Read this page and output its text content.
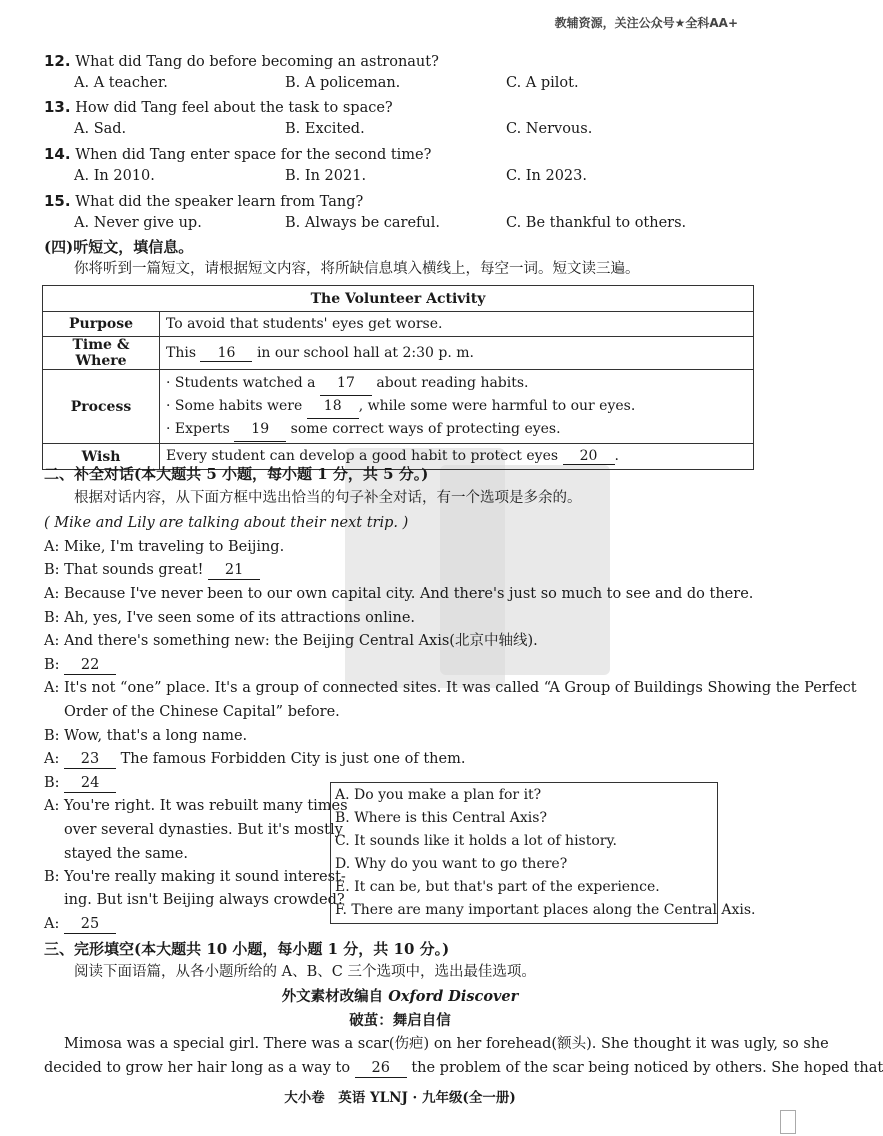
教辅资源，关注公众号★全科AA+
12. What did Tang do before becoming an astronaut?
A. A teacher.	B. A policeman.	C. A pilot.
13. How did Tang feel about the task to space?
A. Sad.	B. Excited.	C. Nervous.
14. When did Tang enter space for the second time?
A. In 2010.	B. In 2021.	C. In 2023.
15. What did the speaker learn from Tang?
A. Never give up.	B. Always be careful.	C. Be thankful to others.
(四)听短文，填信息。
你将听到一篇短文，请根据短文内容，将所缺信息填入横线上，每空一词。短文读三遍。
The Volunteer Activity	
Purpose	To avoid that students' eyes get worse.
Time & Where	This 16 in our school hall at 2:30 p. m.
Process	· Students watched a 17 about reading habits.
· Some habits were 18 , while some were harmful to our eyes.
· Experts 19 some correct ways of protecting eyes.

Wish	Every student can develop a good habit to protect eyes 20 .
二、补全对话(本大题共 5 小题，每小题 1 分，共 5 分。)
根据对话内容，从下面方框中选出恰当的句子补全对话，有一个选项是多余的。
( Mike and Lily are talking about their next trip. )
A: Mike, I'm traveling to Beijing.
B: That sounds great! 21
A: Because I've never been to our own capital city. And there's just so much to see and do there.
B: Ah, yes, I've seen some of its attractions online.
A: And there's something new: the Beijing Central Axis(北京中轴线).
B: 22
A: It's not “one” place. It's a group of connected sites. It was called “A Group of Buildings Showing the Perfect
Order of the Chinese Capital” before.
B: Wow, that's a long name.
A: 23 The famous Forbidden City is just one of them.
B: 24
A: You're right. It was rebuilt many times
over several dynasties. But it's mostly
stayed the same.
B: You're really making it sound interest-
ing. But isn't Beijing always crowded?
A: 25
A. Do you make a plan for it?
B. Where is this Central Axis?
C. It sounds like it holds a lot of history.
D. Why do you want to go there?
E. It can be, but that's part of the experience.
F. There are many important places along the Central Axis.
三、完形填空(本大题共 10 小题，每小题 1 分，共 10 分。)
阅读下面语篇，从各小题所给的 A、B、C 三个选项中，选出最佳选项。
外文素材改编自 Oxford Discover
破茧：舞启自信
Mimosa was a special girl. There was a scar(伤疤) on her forehead(额头). She thought it was ugly, so she
decided to grow her hair long as a way to 26 the problem of the scar being noticed by others. She hoped that
大小卷　英语 YLNJ · 九年级(全一册)
